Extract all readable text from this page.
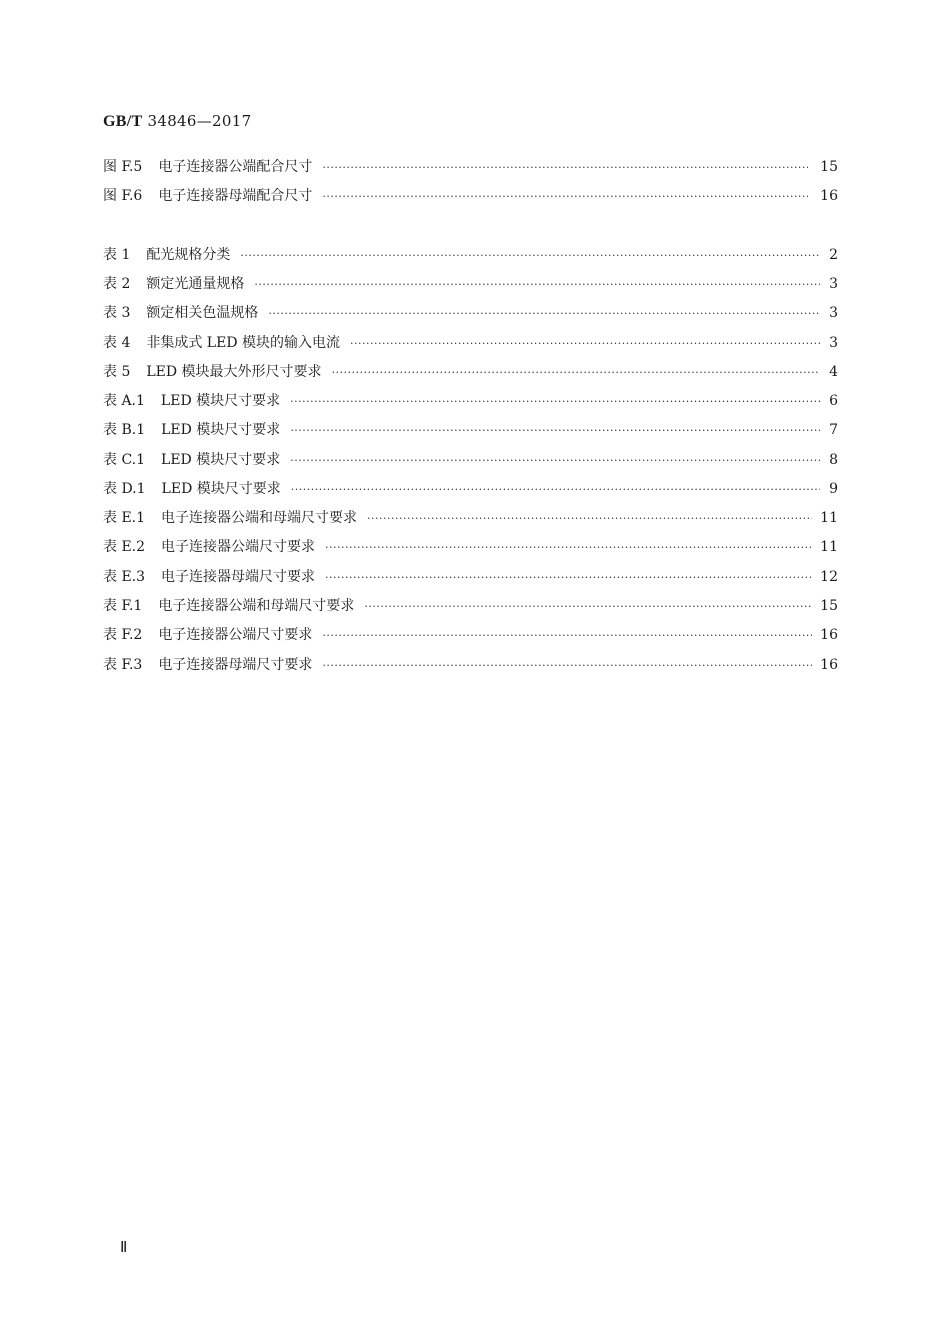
GB/T 34846—2017
图 F.5 电子连接器公端配合尺寸 ·····	15
图 F.6 电子连接器母端配合尺寸 ·····	16
表 1 配光规格分类 ·····	2
表 2 额定光通量规格 ·····	3
表 3 额定相关色温规格 ·····	3
表 4 非集成式 LED 模块的输入电流 ·····	3
表 5 LED 模块最大外形尺寸要求 ·····	4
表 A.1 LED 模块尺寸要求 ·····	6
表 B.1 LED 模块尺寸要求 ·····	7
表 C.1 LED 模块尺寸要求 ·····	8
表 D.1 LED 模块尺寸要求 ·····	9
表 E.1 电子连接器公端和母端尺寸要求 ·····	11
表 E.2 电子连接器公端尺寸要求 ·····	11
表 E.3 电子连接器母端尺寸要求 ·····	12
表 F.1 电子连接器公端和母端尺寸要求 ·····	15
表 F.2 电子连接器公端尺寸要求 ·····	16
表 F.3 电子连接器母端尺寸要求 ·····	16
Ⅱ
